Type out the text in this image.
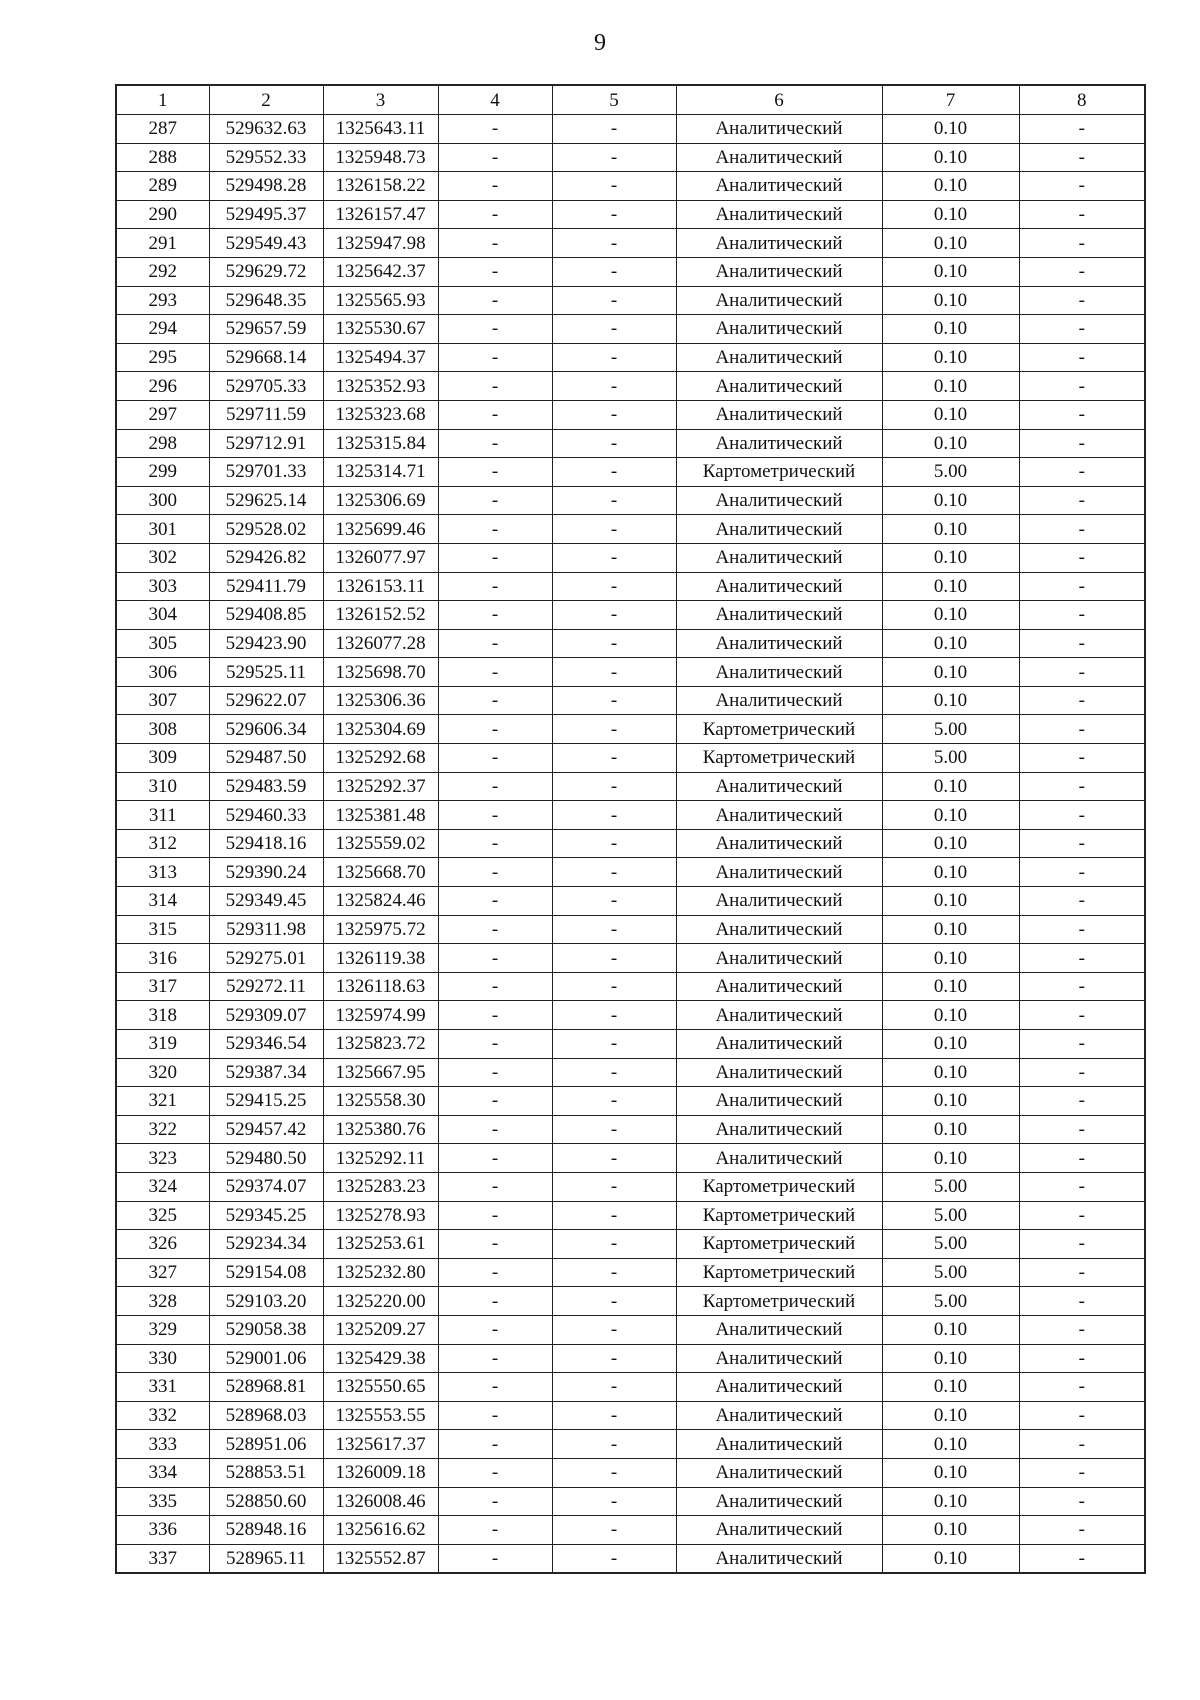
9
1	2	3	4	5	6	7	8
287	529632.63	1325643.11	-	-	Аналитический	0.10	-
288	529552.33	1325948.73	-	-	Аналитический	0.10	-
289	529498.28	1326158.22	-	-	Аналитический	0.10	-
290	529495.37	1326157.47	-	-	Аналитический	0.10	-
291	529549.43	1325947.98	-	-	Аналитический	0.10	-
292	529629.72	1325642.37	-	-	Аналитический	0.10	-
293	529648.35	1325565.93	-	-	Аналитический	0.10	-
294	529657.59	1325530.67	-	-	Аналитический	0.10	-
295	529668.14	1325494.37	-	-	Аналитический	0.10	-
296	529705.33	1325352.93	-	-	Аналитический	0.10	-
297	529711.59	1325323.68	-	-	Аналитический	0.10	-
298	529712.91	1325315.84	-	-	Аналитический	0.10	-
299	529701.33	1325314.71	-	-	Картометрический	5.00	-
300	529625.14	1325306.69	-	-	Аналитический	0.10	-
301	529528.02	1325699.46	-	-	Аналитический	0.10	-
302	529426.82	1326077.97	-	-	Аналитический	0.10	-
303	529411.79	1326153.11	-	-	Аналитический	0.10	-
304	529408.85	1326152.52	-	-	Аналитический	0.10	-
305	529423.90	1326077.28	-	-	Аналитический	0.10	-
306	529525.11	1325698.70	-	-	Аналитический	0.10	-
307	529622.07	1325306.36	-	-	Аналитический	0.10	-
308	529606.34	1325304.69	-	-	Картометрический	5.00	-
309	529487.50	1325292.68	-	-	Картометрический	5.00	-
310	529483.59	1325292.37	-	-	Аналитический	0.10	-
311	529460.33	1325381.48	-	-	Аналитический	0.10	-
312	529418.16	1325559.02	-	-	Аналитический	0.10	-
313	529390.24	1325668.70	-	-	Аналитический	0.10	-
314	529349.45	1325824.46	-	-	Аналитический	0.10	-
315	529311.98	1325975.72	-	-	Аналитический	0.10	-
316	529275.01	1326119.38	-	-	Аналитический	0.10	-
317	529272.11	1326118.63	-	-	Аналитический	0.10	-
318	529309.07	1325974.99	-	-	Аналитический	0.10	-
319	529346.54	1325823.72	-	-	Аналитический	0.10	-
320	529387.34	1325667.95	-	-	Аналитический	0.10	-
321	529415.25	1325558.30	-	-	Аналитический	0.10	-
322	529457.42	1325380.76	-	-	Аналитический	0.10	-
323	529480.50	1325292.11	-	-	Аналитический	0.10	-
324	529374.07	1325283.23	-	-	Картометрический	5.00	-
325	529345.25	1325278.93	-	-	Картометрический	5.00	-
326	529234.34	1325253.61	-	-	Картометрический	5.00	-
327	529154.08	1325232.80	-	-	Картометрический	5.00	-
328	529103.20	1325220.00	-	-	Картометрический	5.00	-
329	529058.38	1325209.27	-	-	Аналитический	0.10	-
330	529001.06	1325429.38	-	-	Аналитический	0.10	-
331	528968.81	1325550.65	-	-	Аналитический	0.10	-
332	528968.03	1325553.55	-	-	Аналитический	0.10	-
333	528951.06	1325617.37	-	-	Аналитический	0.10	-
334	528853.51	1326009.18	-	-	Аналитический	0.10	-
335	528850.60	1326008.46	-	-	Аналитический	0.10	-
336	528948.16	1325616.62	-	-	Аналитический	0.10	-
337	528965.11	1325552.87	-	-	Аналитический	0.10	-
